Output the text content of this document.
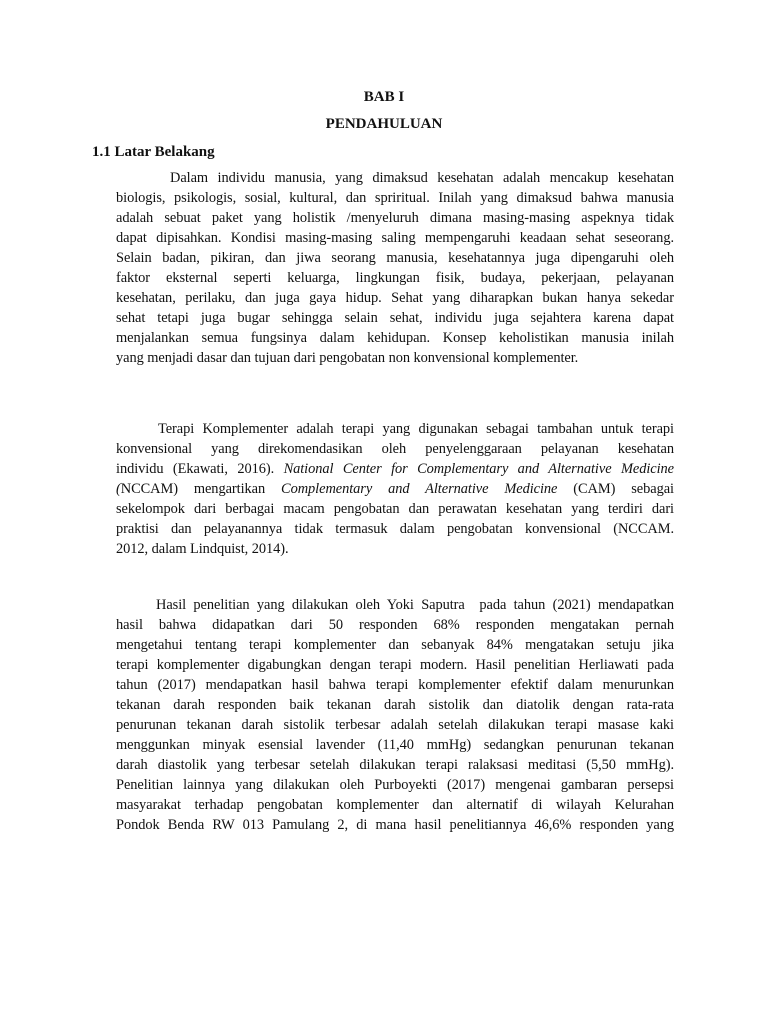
BAB I
PENDAHULUAN
1.1 Latar Belakang
Dalam individu manusia, yang dimaksud kesehatan adalah mencakup kesehatan
biologis, psikologis, sosial, kultural, dan spriritual. Inilah yang dimaksud bahwa manusia
adalah sebuat paket yang holistik /menyeluruh dimana masing-masing aspeknya tidak
dapat dipisahkan. Kondisi masing-masing saling mempengaruhi keadaan sehat seseorang.
Selain badan, pikiran, dan jiwa seorang manusia, kesehatannya juga dipengaruhi oleh
faktor eksternal seperti keluarga, lingkungan fisik, budaya, pekerjaan, pelayanan
kesehatan, perilaku, dan juga gaya hidup. Sehat yang diharapkan bukan hanya sekedar
sehat tetapi juga bugar sehingga selain sehat, individu juga sejahtera karena dapat
menjalankan semua fungsinya dalam kehidupan. Konsep keholistikan manusia inilah
yang menjadi dasar dan tujuan dari pengobatan non konvensional komplementer.
Terapi Komplementer adalah terapi yang digunakan sebagai tambahan untuk terapi
konvensional yang direkomendasikan oleh penyelenggaraan pelayanan kesehatan
individu (Ekawati, 2016). National Center for Complementary and Alternative Medicine
(NCCAM) mengartikan Complementary and Alternative Medicine (CAM) sebagai
sekelompok dari berbagai macam pengobatan dan perawatan kesehatan yang terdiri dari
praktisi dan pelayanannya tidak termasuk dalam pengobatan konvensional (NCCAM.
2012, dalam Lindquist, 2014).
Hasil penelitian yang dilakukan oleh Yoki Saputra  pada tahun (2021) mendapatkan
hasil bahwa didapatkan dari 50 responden 68% responden mengatakan pernah
mengetahui tentang terapi komplementer dan sebanyak 84% mengatakan setuju jika
terapi komplementer digabungkan dengan terapi modern. Hasil penelitian Herliawati pada
tahun (2017) mendapatkan hasil bahwa terapi komplementer efektif dalam menurunkan
tekanan darah responden baik tekanan darah sistolik dan diatolik dengan rata-rata
penurunan tekanan darah sistolik terbesar adalah setelah dilakukan terapi masase kaki
menggunkan minyak esensial lavender (11,40 mmHg) sedangkan penurunan tekanan
darah diastolik yang terbesar setelah dilakukan terapi ralaksasi meditasi (5,50 mmHg).
Penelitian lainnya yang dilakukan oleh Purboyekti (2017) mengenai gambaran persepsi
masyarakat terhadap pengobatan komplementer dan alternatif di wilayah Kelurahan
Pondok Benda RW 013 Pamulang 2, di mana hasil penelitiannya 46,6% responden yang
